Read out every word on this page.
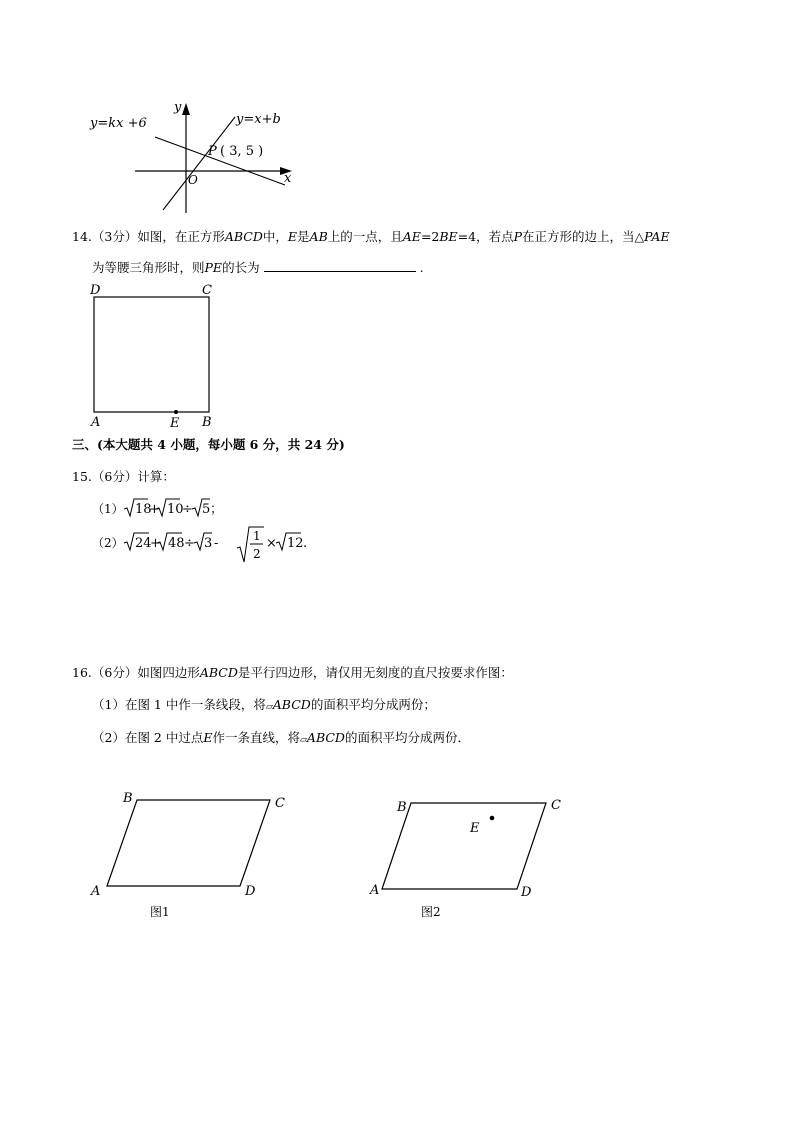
y=kx +6	y=x+b
y
x
O
P ( 3, 5 )
14.（3分）如图，在正方形ABCD中，E是AB上的一点，且AE=2BE=4，若点P在正方形的边上，当△PAE
为等腰三角形时，则PE的长为	.
D	C
A	E B
三、(本大题共 4 小题，每小题 6 分，共 24 分)
15.（6分）计算：
（1） 18
+ 10
÷ 5 ；
（2） 24
+ 48 ÷ 3 -	1
2
× 12 .
16.（6分）如图四边形ABCD是平行四边形，请仅用无刻度的直尺按要求作图：
（1）在图 1 中作一条线段，将▱ABCD的面积平均分成两份；
（2）在图 2 中过点E作一条直线，将▱ABCD的面积平均分成两份．
A
B	C
D
图1
A
B	C
D
E
图2
